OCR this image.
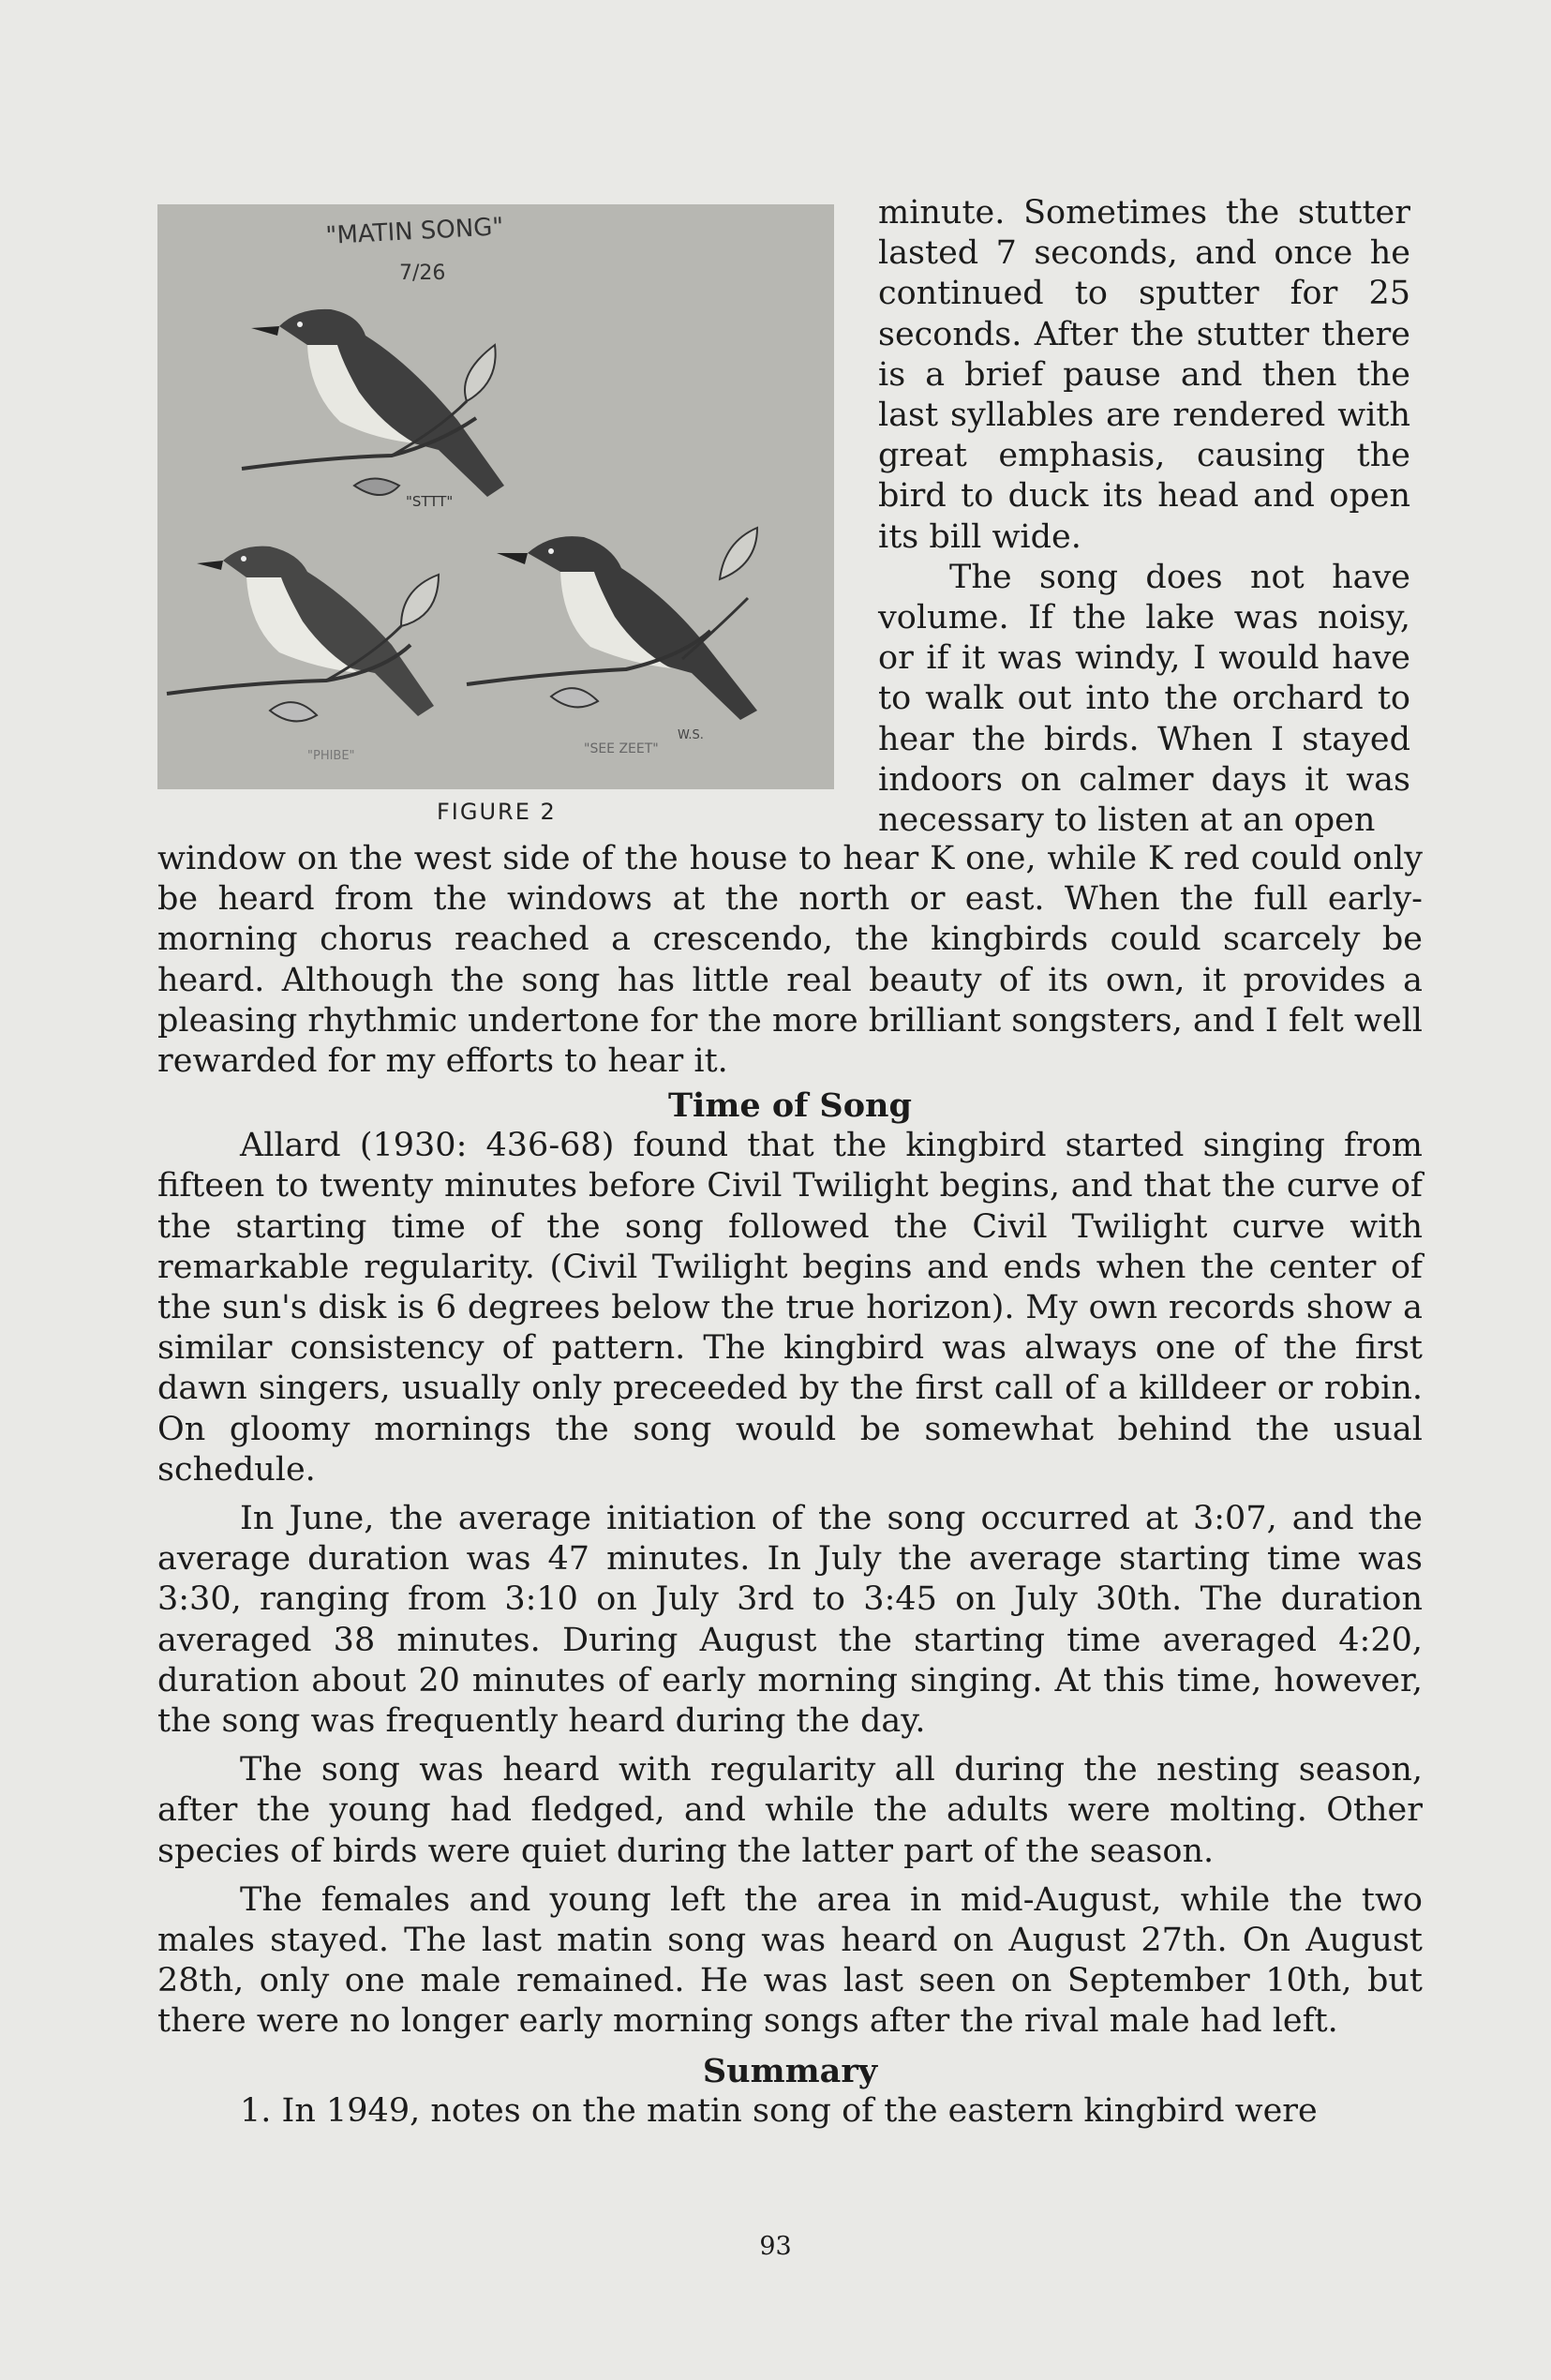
"MATIN SONG"
7/26
"STTT"
"PHIBE"	"SEE ZEET"
W.S.
FIGURE 2

minute. Sometimes the stutter lasted 7 seconds, and once he continued to sputter for 25 seconds. After the stutter there is a brief pause and then the last syllables are rendered with great emphasis, causing the bird to duck its head and open its bill wide.

The song does not have volume. If the lake was noisy, or if it was windy, I would have to walk out into the orchard to hear the birds. When I stayed indoors on calmer days it was necessary to listen at an open

window on the west side of the house to hear K one, while K red could only be heard from the windows at the north or east. When the full early-morning chorus reached a crescendo, the kingbirds could scarcely be heard. Although the song has little real beauty of its own, it provides a pleasing rhythmic undertone for the more brilliant songsters, and I felt well rewarded for my efforts to hear it.

Time of Song

Allard (1930: 436-68) found that the kingbird started singing from fifteen to twenty minutes before Civil Twilight begins, and that the curve of the starting time of the song followed the Civil Twilight curve with remarkable regularity. (Civil Twilight begins and ends when the center of the sun's disk is 6 degrees below the true horizon). My own records show a similar consistency of pattern. The kingbird was always one of the first dawn singers, usually only preceeded by the first call of a killdeer or robin. On gloomy mornings the song would be somewhat behind the usual schedule.

In June, the average initiation of the song occurred at 3:07, and the average duration was 47 minutes. In July the average starting time was 3:30, ranging from 3:10 on July 3rd to 3:45 on July 30th. The duration averaged 38 minutes. During August the starting time averaged 4:20, duration about 20 minutes of early morning singing. At this time, however, the song was frequently heard during the day.

The song was heard with regularity all during the nesting season, after the young had fledged, and while the adults were molting. Other species of birds were quiet during the latter part of the season.

The females and young left the area in mid-August, while the two males stayed. The last matin song was heard on August 27th. On August 28th, only one male remained. He was last seen on September 10th, but there were no longer early morning songs after the rival male had left.

Summary

1. In 1949, notes on the matin song of the eastern kingbird were

93
